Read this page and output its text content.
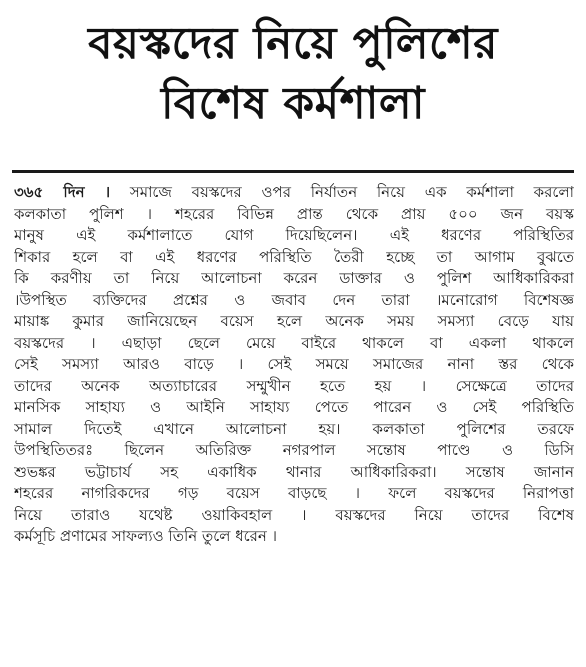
বয়স্কদের নিয়ে পুলিশের
বিশেষ কর্মশালা
৩৬৫ দিন । সমাজে বয়স্কদের ওপর নির্যাতন নিয়ে এক কর্মশালা করলো
কলকাতা পুলিশ । শহরের বিভিন্ন প্রান্ত থেকে প্রায় ৫০০ জন বয়স্ক
মানুষ এই কর্মশালাতে যোগ দিয়েছিলেন। এই ধরণের পরিস্থিতির
শিকার হলে বা এই ধরণের পরিস্থিতি তৈরী হচ্ছে তা আগাম বুঝতে
কি করণীয় তা নিয়ে আলোচনা করেন ডাক্তার ও পুলিশ আধিকারিকরা
।উপস্থিত ব্যক্তিদের প্রশ্নের ও জবাব দেন তারা ।মনোরোগ বিশেষজ্ঞ
মায়াঙ্ক কুমার জানিয়েছেন বয়েস হলে অনেক সময় সমস্যা বেড়ে যায়
বয়স্কদের । এছাড়া ছেলে মেয়ে বাইরে থাকলে বা একলা থাকলে
সেই সমস্যা আরও বাড়ে । সেই সময়ে সমাজের নানা স্তর থেকে
তাদের অনেক অত্যাচারের সম্মুখীন হতে হয় । সেক্ষেত্রে তাদের
মানসিক সাহায্য ও আইনি সাহায্য পেতে পারেন ও সেই পরিস্থিতি
সামাল দিতেই এখানে আলোচনা হয়। কলকাতা পুলিশের তরফে
উপস্থিতিতরঃ ছিলেন অতিরিক্ত নগরপাল সন্তোষ পাণ্ডে ও ডিসি
শুভঙ্কর ভট্টাচার্য সহ একাধিক থানার আধিকারিকরা। সন্তোষ জানান
শহরের নাগরিকদের গড় বয়েস বাড়ছে । ফলে বয়স্কদের নিরাপত্তা
নিয়ে তারাও যথেষ্ট ওয়াকিবহাল । বয়স্কদের নিয়ে তাদের বিশেষ
কর্মসূচি প্রণামের সাফল্যও তিনি তুলে ধরেন ।
